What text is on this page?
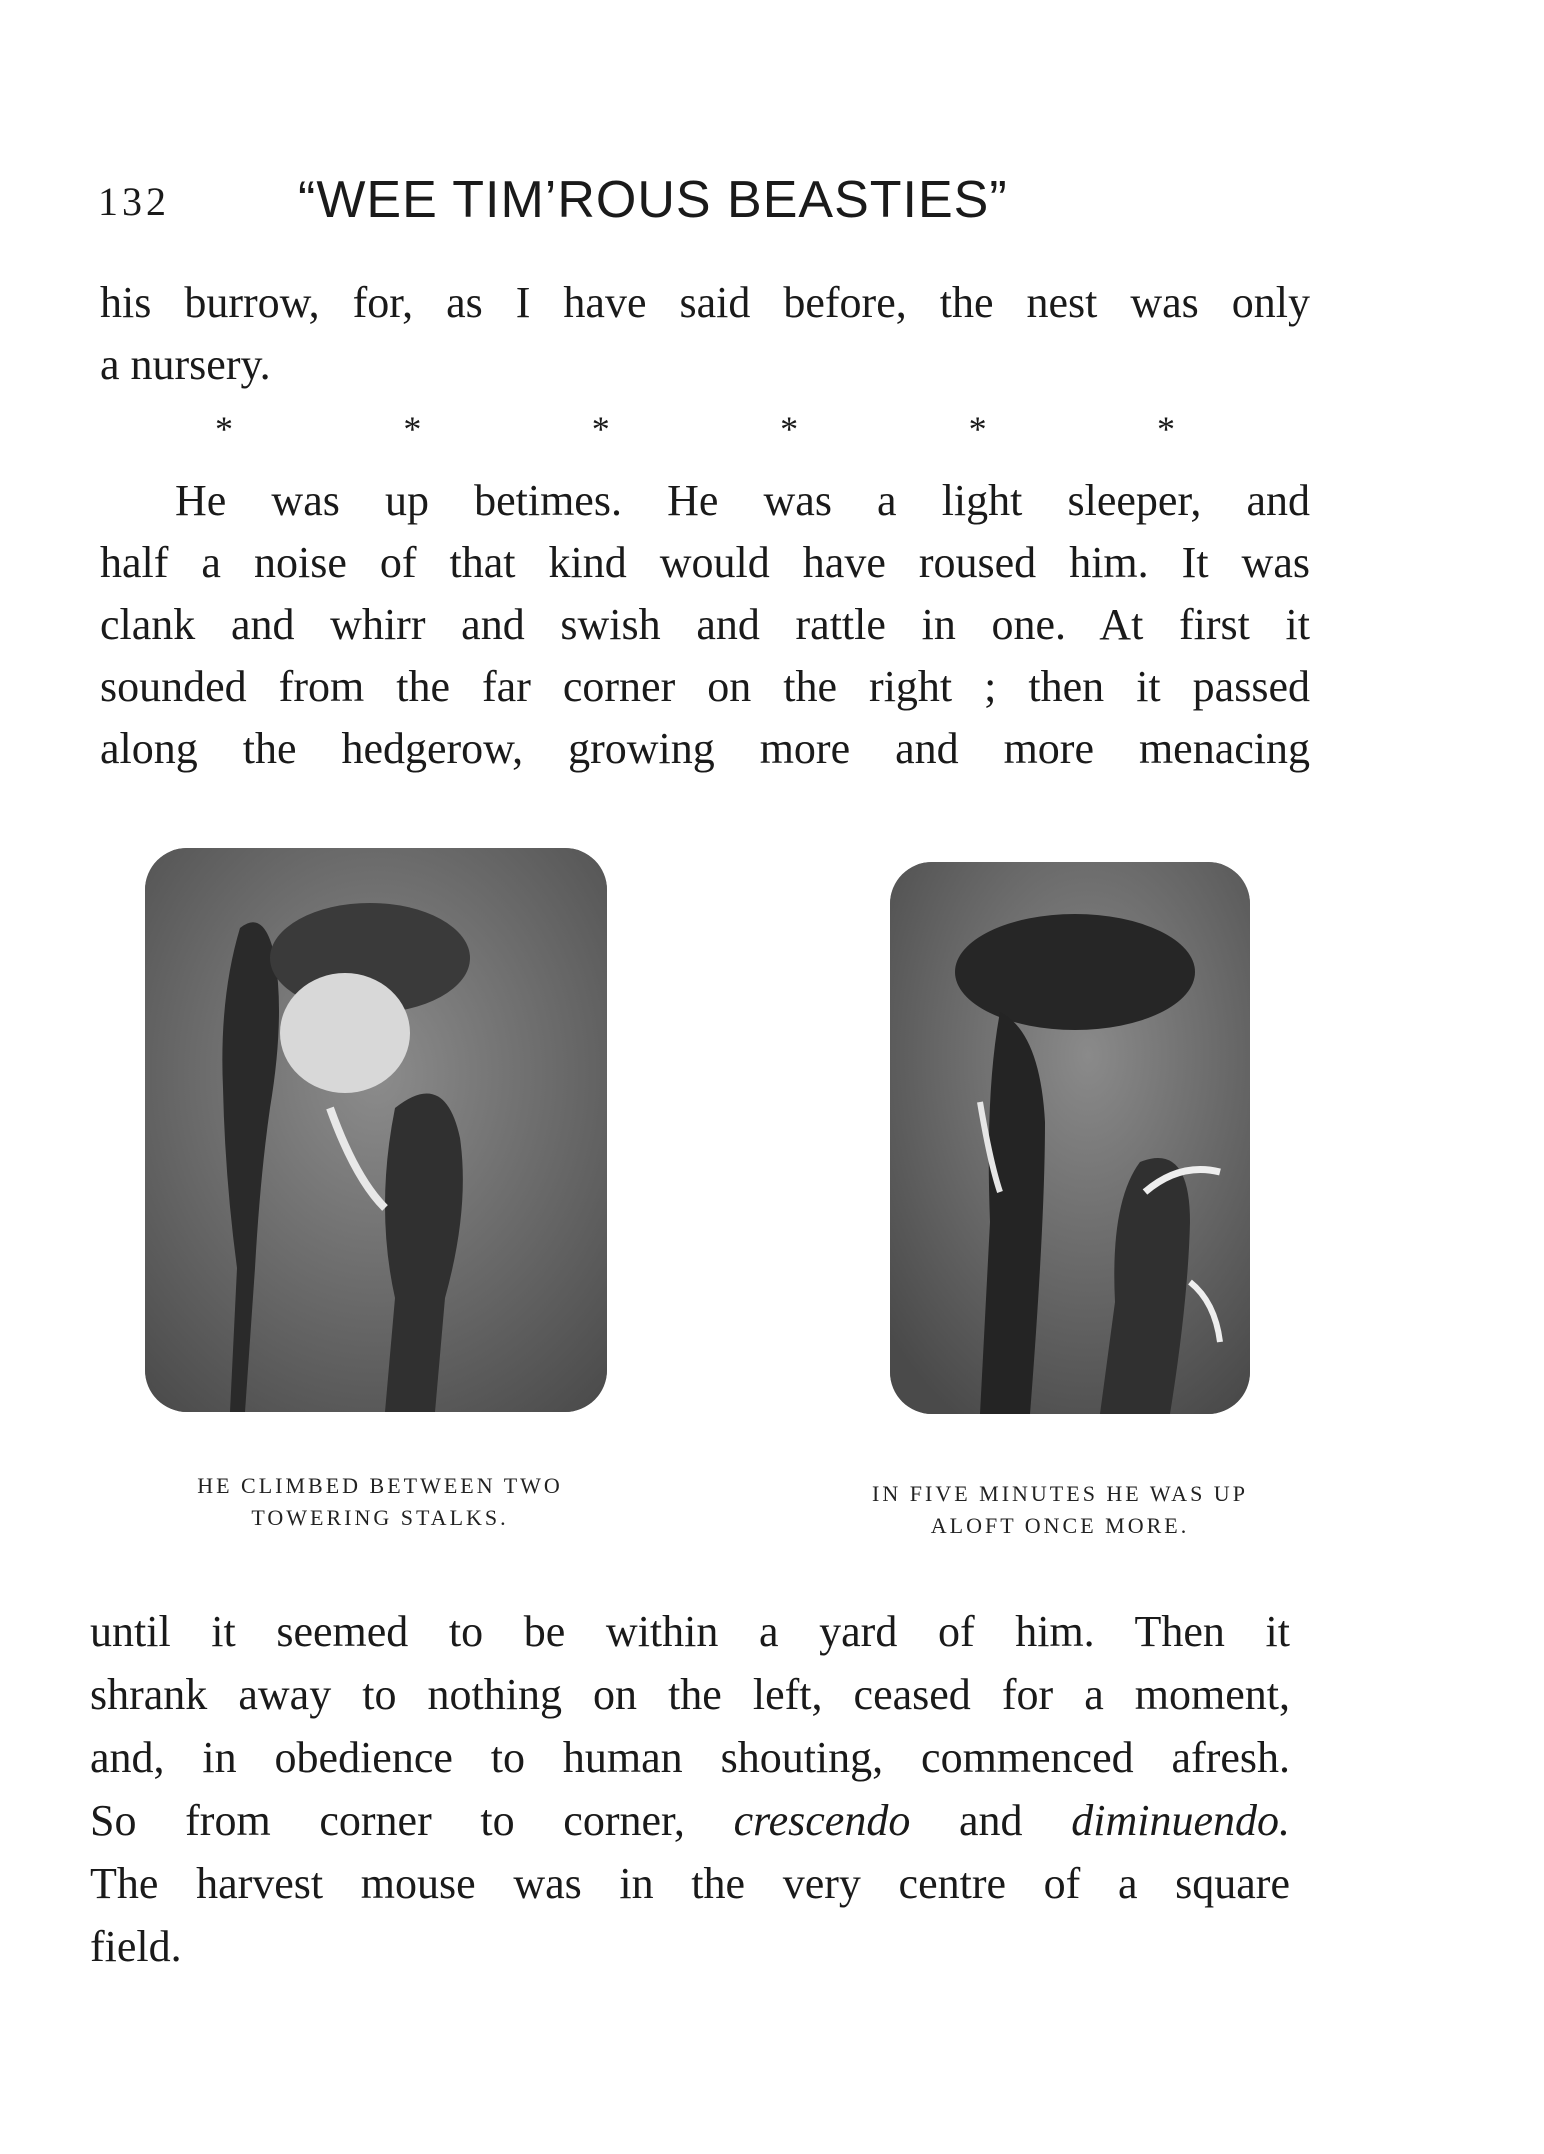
132 “WEE TIM’ROUS BEASTIES”
his burrow, for, as I have said before, the nest was only
a nursery.
*	*	*	*	*	*
He was up betimes. He was a light sleeper, and
half a noise of that kind would have roused him. It was
clank and whirr and swish and rattle in one. At first it
sounded from the far corner on the right ; then it passed
along the hedgerow, growing more and more menacing
HE CLIMBED BETWEEN TWO
TOWERING STALKS.
IN FIVE MINUTES HE WAS UP
ALOFT ONCE MORE.
until it seemed to be within a yard of him. Then it
shrank away to nothing on the left, ceased for a moment,
and, in obedience to human shouting, commenced afresh.
So from corner to corner, crescendo and diminuendo.
The harvest mouse was in the very centre of a square
field.
